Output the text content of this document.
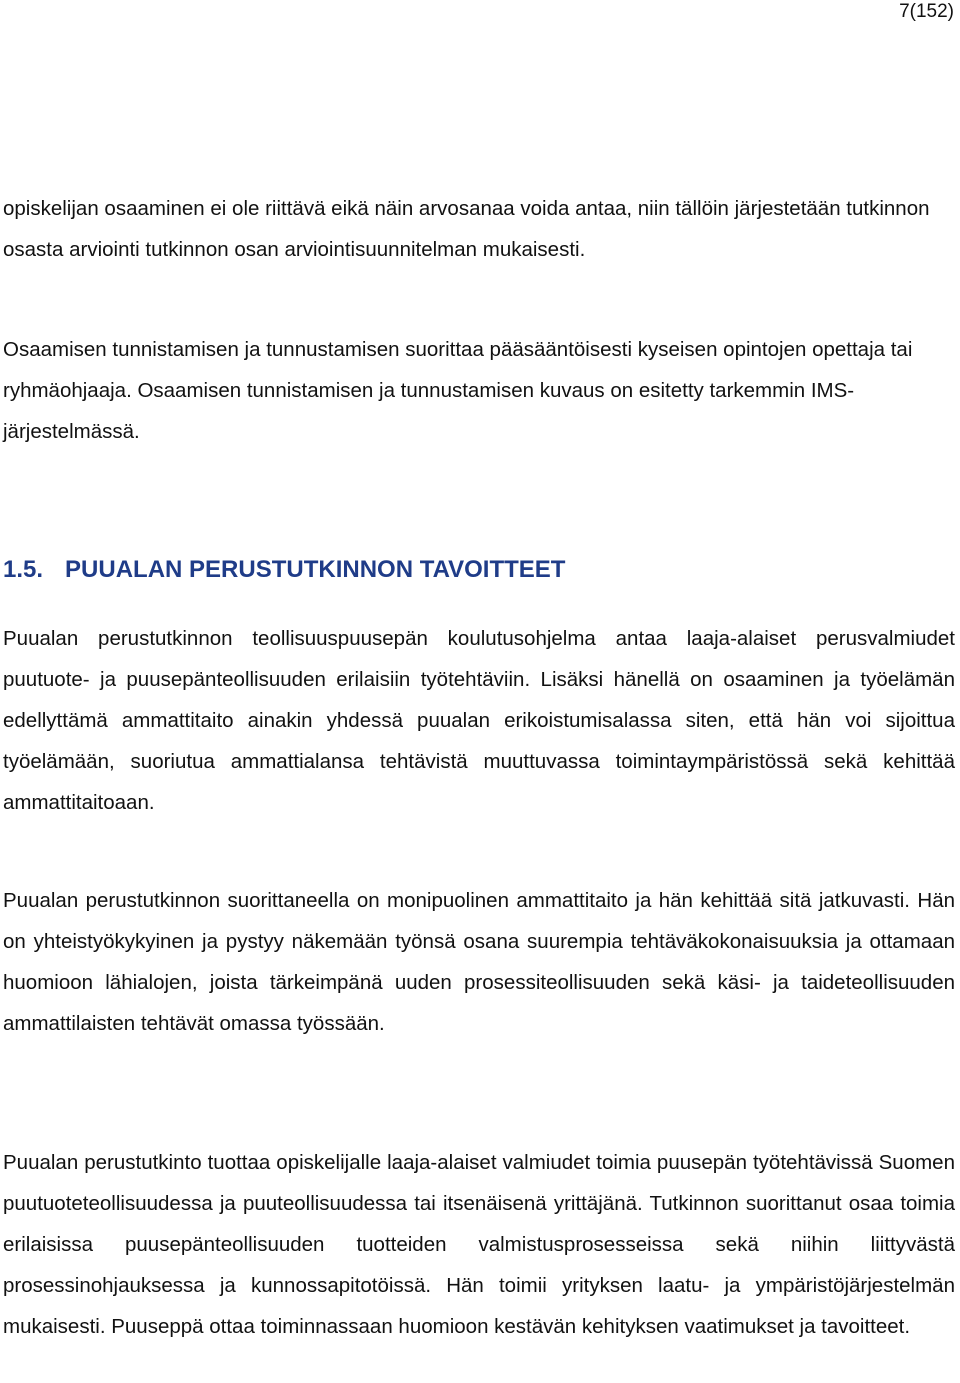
7(152)

opiskelijan osaaminen ei ole riittävä eikä näin arvosanaa voida antaa, niin tällöin järjestetään tutkinnon osasta arviointi tutkinnon osan arviointisuunnitelman mukaisesti.

Osaamisen tunnistamisen ja tunnustamisen suorittaa pääsääntöisesti kyseisen opintojen opettaja tai ryhmäohjaaja. Osaamisen tunnistamisen ja tunnustamisen kuvaus on esitetty tarkemmin IMS-järjestelmässä.

1.5. PUUALAN PERUSTUTKINNON TAVOITTEET

Puualan perustutkinnon teollisuuspuusepän koulutusohjelma antaa laaja-alaiset perusvalmiudet puutuote- ja puusepänteollisuuden erilaisiin työtehtäviin. Lisäksi hänellä on osaaminen ja työelämän edellyttämä ammattitaito ainakin yhdessä puualan erikoistumisalassa siten, että hän voi sijoittua työelämään, suoriutua ammattialansa tehtävistä muuttuvassa toimintaympäristössä sekä kehittää ammattitaitoaan.

Puualan perustutkinnon suorittaneella on monipuolinen ammattitaito ja hän kehittää sitä jatkuvasti. Hän on yhteistyökykyinen ja pystyy näkemään työnsä osana suurempia tehtäväkokonaisuuksia ja ottamaan huomioon lähialojen, joista tärkeimpänä uuden prosessiteollisuuden sekä käsi- ja taideteollisuuden ammattilaisten tehtävät omassa työssään.

Puualan perustutkinto tuottaa opiskelijalle laaja-alaiset valmiudet toimia puusepän työtehtävissä Suomen puutuoteteollisuudessa ja puuteollisuudessa tai itsenäisenä yrittäjänä. Tutkinnon suorittanut osaa toimia erilaisissa puusepänteollisuuden tuotteiden valmistusprosesseissa sekä niihin liittyvästä prosessinohjauksessa ja kunnossapitotöissä. Hän toimii yrityksen laatu- ja ympäristöjärjestelmän mukaisesti. Puuseppä ottaa toiminnassaan huomioon kestävän kehityksen vaatimukset ja tavoitteet.
